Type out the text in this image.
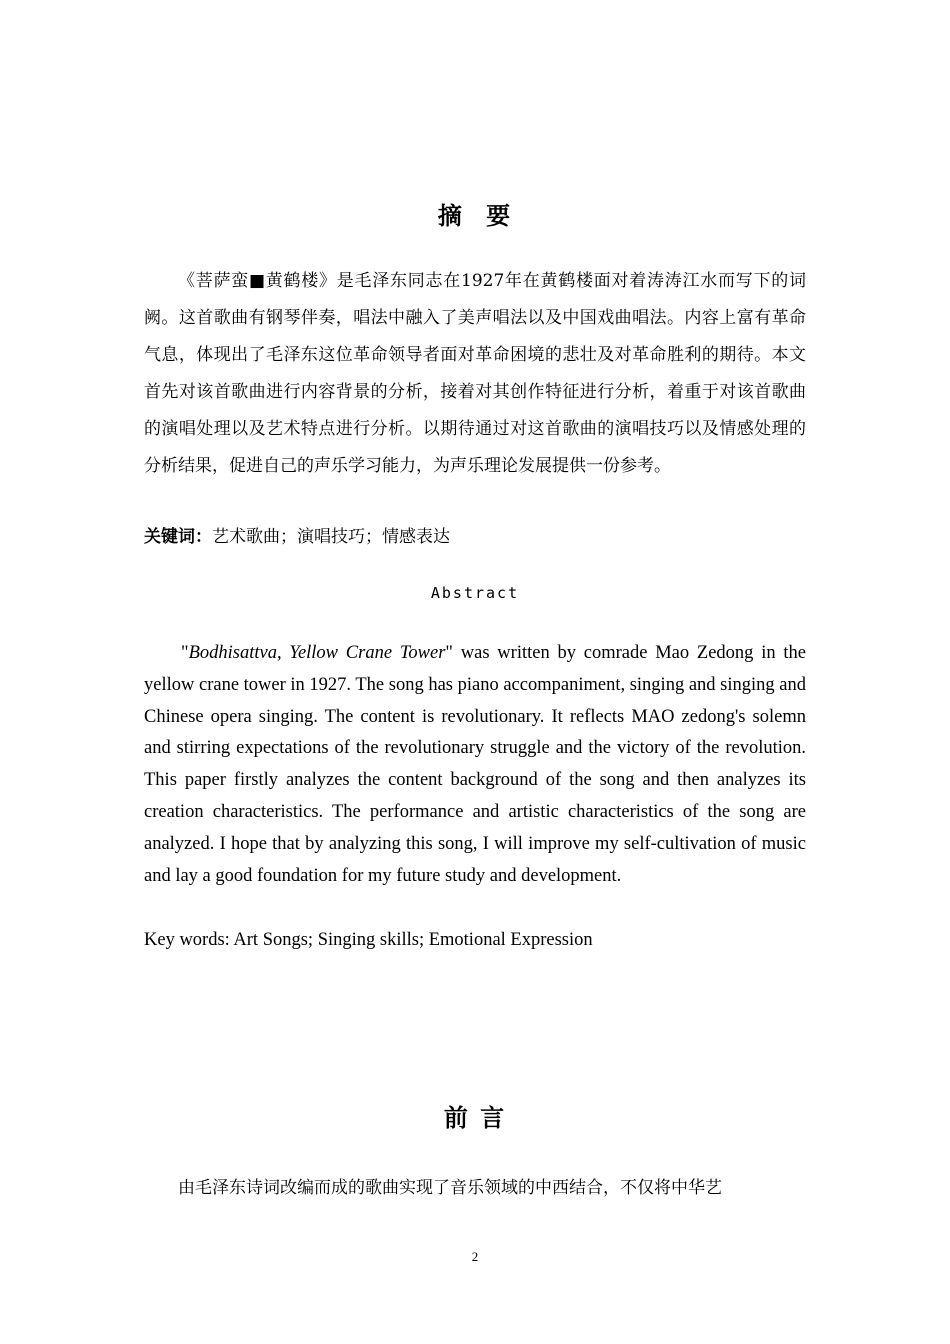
摘 要
《菩萨蛮■黄鹤楼》是毛泽东同志在1927年在黄鹤楼面对着涛涛江水而写下的词阙。这首歌曲有钢琴伴奏，唱法中融入了美声唱法以及中国戏曲唱法。内容上富有革命气息，体现出了毛泽东这位革命领导者面对革命困境的悲壮及对革命胜利的期待。本文首先对该首歌曲进行内容背景的分析，接着对其创作特征进行分析，着重于对该首歌曲的演唱处理以及艺术特点进行分析。以期待通过对这首歌曲的演唱技巧以及情感处理的分析结果，促进自己的声乐学习能力，为声乐理论发展提供一份参考。
关键词：艺术歌曲；演唱技巧；情感表达
Abstract
"Bodhisattva, Yellow Crane Tower" was written by comrade Mao Zedong in the yellow crane tower in 1927. The song has piano accompaniment, singing and singing and Chinese opera singing. The content is revolutionary. It reflects MAO zedong's solemn and stirring expectations of the revolutionary struggle and the victory of the revolution. This paper firstly analyzes the content background of the song and then analyzes its creation characteristics. The performance and artistic characteristics of the song are analyzed. I hope that by analyzing this song, I will improve my self-cultivation of music and lay a good foundation for my future study and development.
Key words: Art Songs; Singing skills; Emotional Expression
前 言
由毛泽东诗词改编而成的歌曲实现了音乐领域的中西结合，不仅将中华艺
2
